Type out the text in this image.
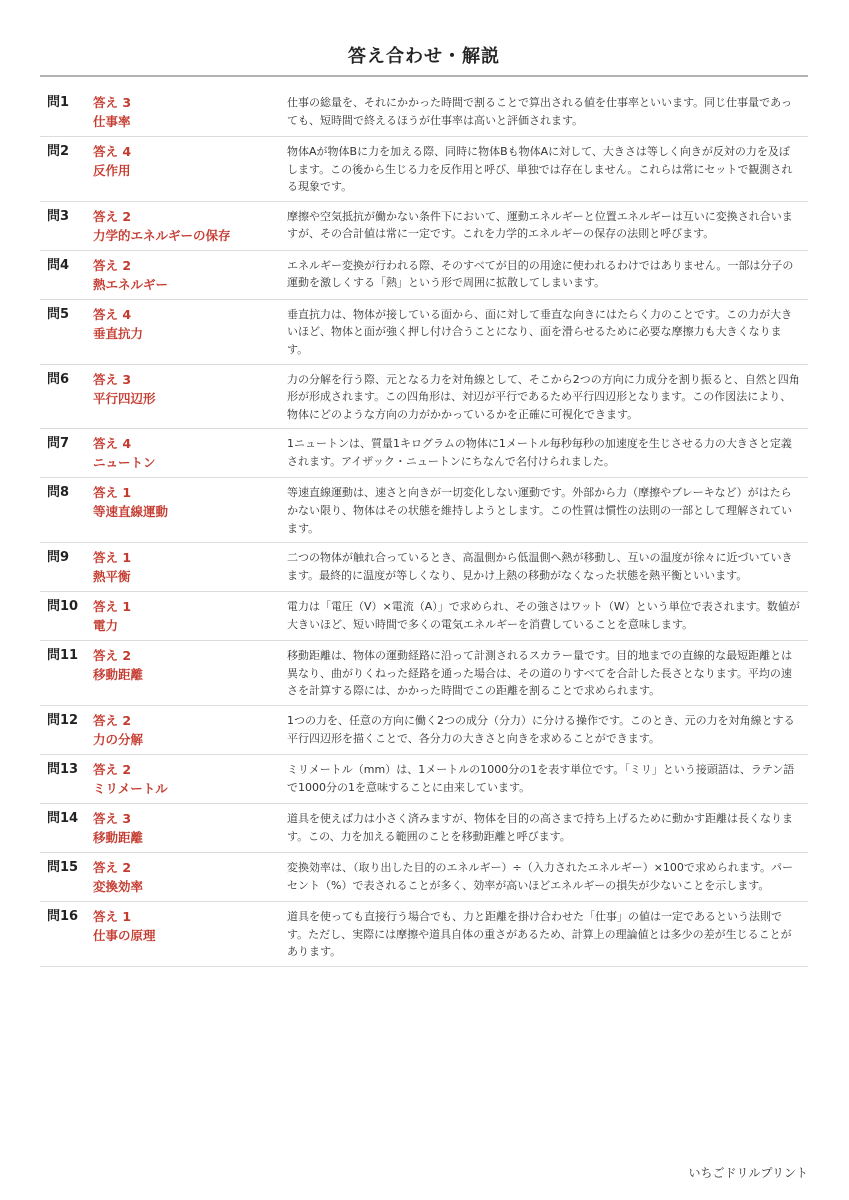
答え合わせ・解説
問1	答え 3
仕事率
仕事の総量を、それにかかった時間で割ることで算出される値を仕事率といいます。同じ仕事量であっても、短時間で終えるほうが仕事率は高いと評価されます。
問2	答え 4
反作用
物体Aが物体Bに力を加える際、同時に物体Bも物体Aに対して、大きさは等しく向きが反対の力を及ぼします。この後から生じる力を反作用と呼び、単独では存在しません。これらは常にセットで観測される現象です。
問3	答え 2
力学的エネルギーの保存
摩擦や空気抵抗が働かない条件下において、運動エネルギーと位置エネルギーは互いに変換され合いますが、その合計値は常に一定です。これを力学的エネルギーの保存の法則と呼びます。
問4	答え 2
熱エネルギー
エネルギー変換が行われる際、そのすべてが目的の用途に使われるわけではありません。一部は分子の運動を激しくする「熱」という形で周囲に拡散してしまいます。
問5	答え 4
垂直抗力
垂直抗力は、物体が接している面から、面に対して垂直な向きにはたらく力のことです。この力が大きいほど、物体と面が強く押し付け合うことになり、面を滑らせるために必要な摩擦力も大きくなります。
問6	答え 3
平行四辺形
力の分解を行う際、元となる力を対角線として、そこから2つの方向に力成分を割り振ると、自然と四角形が形成されます。この四角形は、対辺が平行であるため平行四辺形となります。この作図法により、物体にどのような方向の力がかかっているかを正確に可視化できます。
問7	答え 4
ニュートン
1ニュートンは、質量1キログラムの物体に1メートル毎秒毎秒の加速度を生じさせる力の大きさと定義されます。アイザック・ニュートンにちなんで名付けられました。
問8	答え 1
等速直線運動
等速直線運動は、速さと向きが一切変化しない運動です。外部から力（摩擦やブレーキなど）がはたらかない限り、物体はその状態を維持しようとします。この性質は慣性の法則の一部として理解されています。
問9	答え 1
熱平衡
二つの物体が触れ合っているとき、高温側から低温側へ熱が移動し、互いの温度が徐々に近づいていきます。最終的に温度が等しくなり、見かけ上熱の移動がなくなった状態を熱平衡といいます。
問10	答え 1
電力
電力は「電圧（V）×電流（A）」で求められ、その強さはワット（W）という単位で表されます。数値が大きいほど、短い時間で多くの電気エネルギーを消費していることを意味します。
問11	答え 2
移動距離
移動距離は、物体の運動経路に沿って計測されるスカラー量です。目的地までの直線的な最短距離とは異なり、曲がりくねった経路を通った場合は、その道のりすべてを合計した長さとなります。平均の速さを計算する際には、かかった時間でこの距離を割ることで求められます。
問12	答え 2
力の分解
1つの力を、任意の方向に働く2つの成分（分力）に分ける操作です。このとき、元の力を対角線とする平行四辺形を描くことで、各分力の大きさと向きを求めることができます。
問13	答え 2
ミリメートル
ミリメートル（mm）は、1メートルの1000分の1を表す単位です。「ミリ」という接頭語は、ラテン語で1000分の1を意味することに由来しています。
問14	答え 3
移動距離
道具を使えば力は小さく済みますが、物体を目的の高さまで持ち上げるために動かす距離は長くなります。この、力を加える範囲のことを移動距離と呼びます。
問15	答え 2
変換効率
変換効率は、（取り出した目的のエネルギー）÷（入力されたエネルギー）×100で求められます。パーセント（%）で表されることが多く、効率が高いほどエネルギーの損失が少ないことを示します。
問16	答え 1
仕事の原理
道具を使っても直接行う場合でも、力と距離を掛け合わせた「仕事」の値は一定であるという法則です。ただし、実際には摩擦や道具自体の重さがあるため、計算上の理論値とは多少の差が生じることがあります。
いちごドリルプリント
